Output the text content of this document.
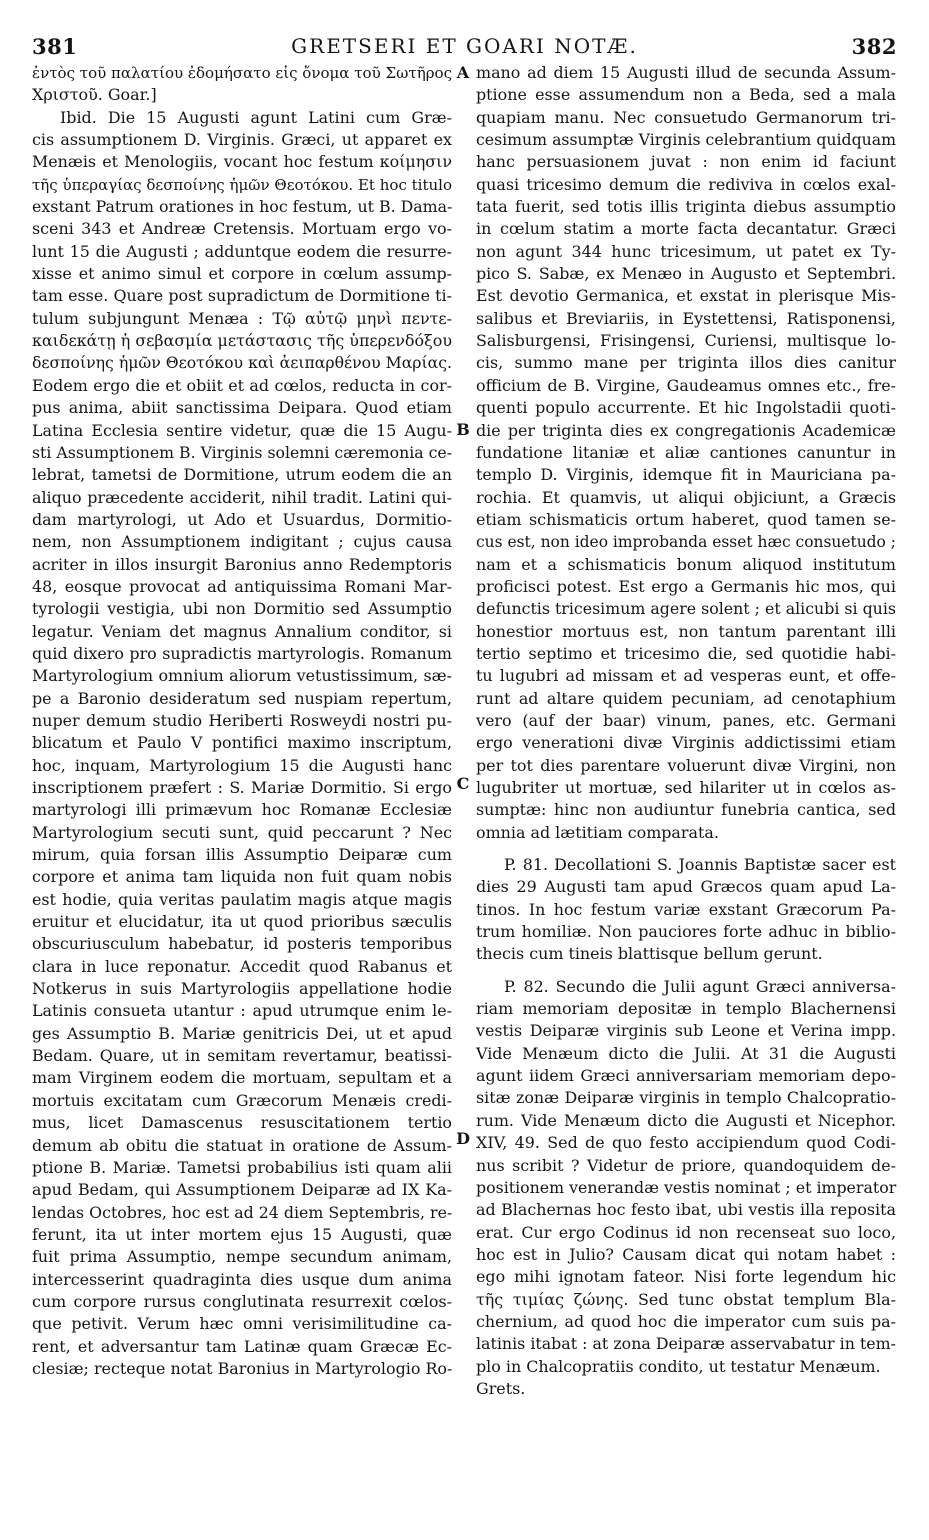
381	GRETSERI ET GOARI NOTÆ.	382
ἐντὸς τοῦ παλατίου ἐδομήσατο εἰς ὄνομα τοῦ Σωτῆρος
Χριστοῦ. Goar.]
Ibid. Die 15 Augusti agunt Latini cum Græ-
cis assumptionem D. Virginis. Græci, ut apparet ex
Menæis et Menologiis, vocant hoc festum κοίμησιν
τῆς ὑπεραγίας δεσποίνης ἡμῶν Θεοτόκου. Et hoc titulo
exstant Patrum orationes in hoc festum, ut B. Dama-
sceni 343 et Andreæ Cretensis. Mortuam ergo vo-
lunt 15 die Augusti ; adduntque eodem die resurre-
xisse et animo simul et corpore in cœlum assump-
tam esse. Quare post supradictum de Dormitione ti-
tulum subjungunt Menæa : Τῷ αὐτῷ μηνὶ πεντε-
καιδεκάτῃ ἡ σεβασμία μετάστασις τῆς ὑπερενδόξου
δεσποίνης ἡμῶν Θεοτόκου καὶ ἀειπαρθένου Μαρίας.
Eodem ergo die et obiit et ad cœlos, reducta in cor-
pus anima, abiit sanctissima Deipara. Quod etiam
Latina Ecclesia sentire videtur, quæ die 15 Augu-
sti Assumptionem B. Virginis solemni cæremonia ce-
lebrat, tametsi de Dormitione, utrum eodem die an
aliquo præcedente acciderit, nihil tradit. Latini qui-
dam martyrologi, ut Ado et Usuardus, Dormitio-
nem, non Assumptionem indigitant ; cujus causa
acriter in illos insurgit Baronius anno Redemptoris
48, eosque provocat ad antiquissima Romani Mar-
tyrologii vestigia, ubi non Dormitio sed Assumptio
legatur. Veniam det magnus Annalium conditor, si
quid dixero pro supradictis martyrologis. Romanum
Martyrologium omnium aliorum vetustissimum, sæ-
pe a Baronio desideratum sed nuspiam repertum,
nuper demum studio Heriberti Rosweydi nostri pu-
blicatum et Paulo V pontifici maximo inscriptum,
hoc, inquam, Martyrologium 15 die Augusti hanc
inscriptionem præfert : S. Mariæ Dormitio. Si ergo
martyrologi illi primævum hoc Romanæ Ecclesiæ
Martyrologium secuti sunt, quid peccarunt ? Nec
mirum, quia forsan illis Assumptio Deiparæ cum
corpore et anima tam liquida non fuit quam nobis
est hodie, quia veritas paulatim magis atque magis
eruitur et elucidatur, ita ut quod prioribus sæculis
obscuriusculum habebatur, id posteris temporibus
clara in luce reponatur. Accedit quod Rabanus et
Notkerus in suis Martyrologiis appellatione hodie
Latinis consueta utantur : apud utrumque enim le-
ges Assumptio B. Mariæ genitricis Dei, ut et apud
Bedam. Quare, ut in semitam revertamur, beatissi-
mam Virginem eodem die mortuam, sepultam et a
mortuis excitatam cum Græcorum Menæis credi-
mus, licet Damascenus resuscitationem tertio
demum ab obitu die statuat in oratione de Assum-
ptione B. Mariæ. Tametsi probabilius isti quam alii
apud Bedam, qui Assumptionem Deiparæ ad IX Ka-
lendas Octobres, hoc est ad 24 diem Septembris, re-
ferunt, ita ut inter mortem ejus 15 Augusti, quæ
fuit prima Assumptio, nempe secundum animam,
intercesserint quadraginta dies usque dum anima
cum corpore rursus conglutinata resurrexit cœlos-
que petivit. Verum hæc omni verisimilitudine ca-
rent, et adversantur tam Latinæ quam Græcæ Ec-
clesiæ; recteque notat Baronius in Martyrologio Ro-
A
B
C
D
mano ad diem 15 Augusti illud de secunda Assum-
ptione esse assumendum non a Beda, sed a mala
quapiam manu. Nec consuetudo Germanorum tri-
cesimum assumptæ Virginis celebrantium quidquam
hanc persuasionem juvat : non enim id faciunt
quasi tricesimo demum die rediviva in cœlos exal-
tata fuerit, sed totis illis triginta diebus assumptio
in cœlum statim a morte facta decantatur. Græci
non agunt 344 hunc tricesimum, ut patet ex Ty-
pico S. Sabæ, ex Menæo in Augusto et Septembri.
Est devotio Germanica, et exstat in plerisque Mis-
salibus et Breviariis, in Eystettensi, Ratisponensi,
Salisburgensi, Frisingensi, Curiensi, multisque lo-
cis, summo mane per triginta illos dies canitur
officium de B. Virgine, Gaudeamus omnes etc., fre-
quenti populo accurrente. Et hic Ingolstadii quoti-
die per triginta dies ex congregationis Academicæ
fundatione litaniæ et aliæ cantiones canuntur in
templo D. Virginis, idemque fit in Mauriciana pa-
rochia. Et quamvis, ut aliqui objiciunt, a Græcis
etiam schismaticis ortum haberet, quod tamen se-
cus est, non ideo improbanda esset hæc consuetudo ;
nam et a schismaticis bonum aliquod institutum
proficisci potest. Est ergo a Germanis hic mos, qui
defunctis tricesimum agere solent ; et alicubi si quis
honestior mortuus est, non tantum parentant illi
tertio septimo et tricesimo die, sed quotidie habi-
tu lugubri ad missam et ad vesperas eunt, et offe-
runt ad altare quidem pecuniam, ad cenotaphium
vero (auf der baar) vinum, panes, etc. Germani
ergo venerationi divæ Virginis addictissimi etiam
per tot dies parentare voluerunt divæ Virgini, non
lugubriter ut mortuæ, sed hilariter ut in cœlos as-
sumptæ: hinc non audiuntur funebria cantica, sed
omnia ad lætitiam comparata.
P. 81. Decollationi S. Joannis Baptistæ sacer est
dies 29 Augusti tam apud Græcos quam apud La-
tinos. In hoc festum variæ exstant Græcorum Pa-
trum homiliæ. Non pauciores forte adhuc in biblio-
thecis cum tineis blattisque bellum gerunt.
P. 82. Secundo die Julii agunt Græci anniversa-
riam memoriam depositæ in templo Blachernensi
vestis Deiparæ virginis sub Leone et Verina impp.
Vide Menæum dicto die Julii. At 31 die Augusti
agunt iidem Græci anniversariam memoriam depo-
sitæ zonæ Deiparæ virginis in templo Chalcopratio-
rum. Vide Menæum dicto die Augusti et Nicephor.
XIV, 49. Sed de quo festo accipiendum quod Codi-
nus scribit ? Videtur de priore, quandoquidem de-
positionem venerandæ vestis nominat ; et imperator
ad Blachernas hoc festo ibat, ubi vestis illa reposita
erat. Cur ergo Codinus id non recenseat suo loco,
hoc est in Julio? Causam dicat qui notam habet :
ego mihi ignotam fateor. Nisi forte legendum hic
τῆς τιμίας ζώνης. Sed tunc obstat templum Bla-
chernium, ad quod hoc die imperator cum suis pa-
latinis itabat : at zona Deiparæ asservabatur in tem-
plo in Chalcopratiis condito, ut testatur Menæum.
Grets.
